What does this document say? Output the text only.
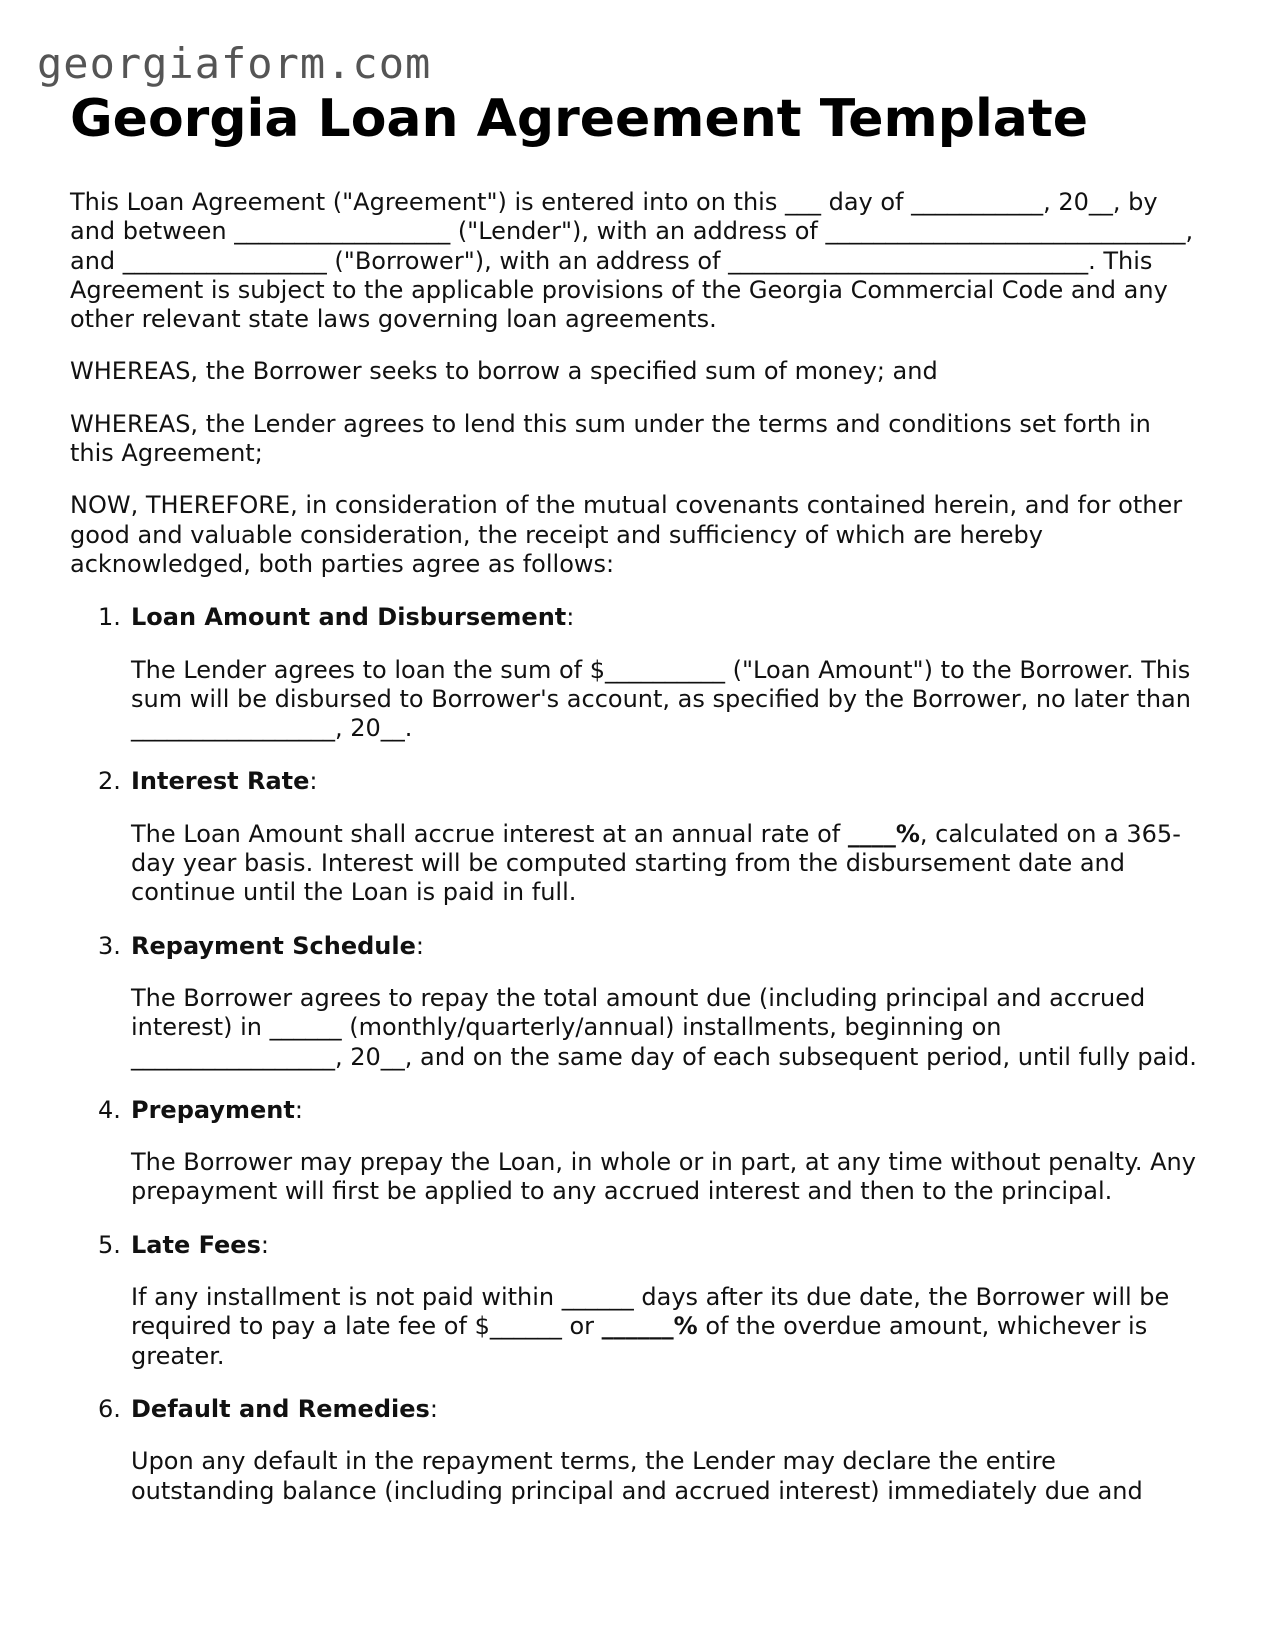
georgiaform.com
Georgia Loan Agreement Template

This Loan Agreement ("Agreement") is entered into on this ___ day of ___________, 20__, by and between __________________ ("Lender"), with an address of ______________________________, and _________________ ("Borrower"), with an address of ______________________________. This Agreement is subject to the applicable provisions of the Georgia Commercial Code and any other relevant state laws governing loan agreements.

WHEREAS, the Borrower seeks to borrow a specified sum of money; and

WHEREAS, the Lender agrees to lend this sum under the terms and conditions set forth in this Agreement;

NOW, THEREFORE, in consideration of the mutual covenants contained herein, and for other good and valuable consideration, the receipt and sufficiency of which are hereby acknowledged, both parties agree as follows:

1. Loan Amount and Disbursement:

The Lender agrees to loan the sum of $__________ ("Loan Amount") to the Borrower. This sum will be disbursed to Borrower's account, as specified by the Borrower, no later than _________________, 20__.

2. Interest Rate:

The Loan Amount shall accrue interest at an annual rate of ____%, calculated on a 365-day year basis. Interest will be computed starting from the disbursement date and continue until the Loan is paid in full.

3. Repayment Schedule:

The Borrower agrees to repay the total amount due (including principal and accrued interest) in ______ (monthly/quarterly/annual) installments, beginning on _________________, 20__, and on the same day of each subsequent period, until fully paid.

4. Prepayment:

The Borrower may prepay the Loan, in whole or in part, at any time without penalty. Any prepayment will first be applied to any accrued interest and then to the principal.

5. Late Fees:

If any installment is not paid within ______ days after its due date, the Borrower will be required to pay a late fee of $______ or ______% of the overdue amount, whichever is greater.

6. Default and Remedies:

Upon any default in the repayment terms, the Lender may declare the entire outstanding balance (including principal and accrued interest) immediately due and
